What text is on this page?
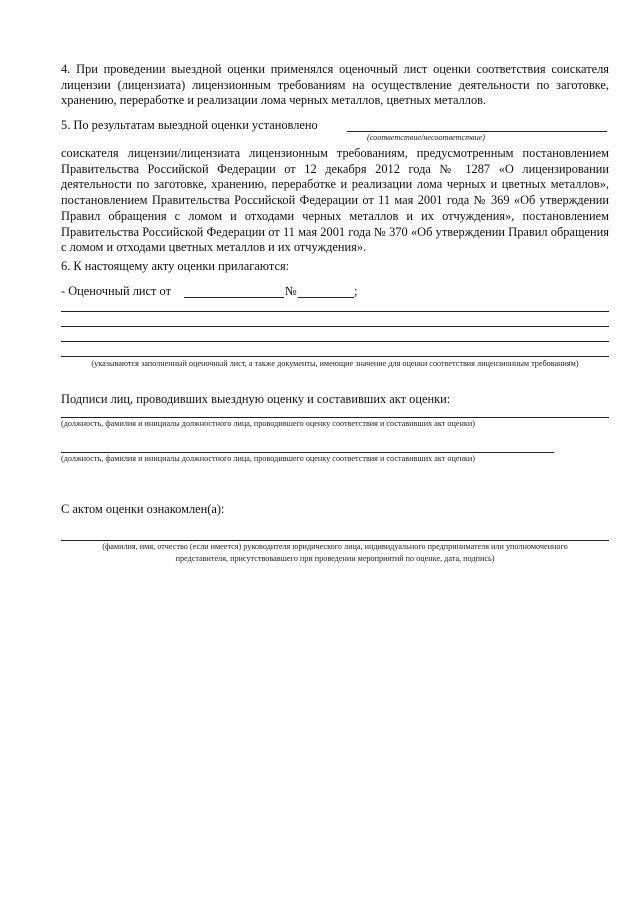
4. При проведении выездной оценки применялся оценочный лист оценки соответствия соискателя лицензии (лицензиата) лицензионным требованиям на осуществление деятельности по заготовке, хранению, переработке и реализации лома черных металлов, цветных металлов.

5. По результатам выездной оценки установлено
(соответствие/несоответствие)

соискателя лицензии/лицензиата лицензионным требованиям, предусмотренным постановлением Правительства Российской Федерации от 12 декабря 2012 года № 1287 «О лицензировании деятельности по заготовке, хранению, переработке и реализации лома черных и цветных металлов», постановлением Правительства Российской Федерации от 11 мая 2001 года № 369 «Об утверждении Правил обращения с ломом и отходами черных металлов и их отчуждения», постановлением Правительства Российской Федерации от 11 мая 2001 года № 370 «Об утверждении Правил обращения с ломом и отходами цветных металлов и их отчуждения».

6. К настоящему акту оценки прилагаются:
- Оценочный лист от	№	;
(указываются заполненный оценочный лист, а также документы, имеющие значение для оценки соответствия лицензионным требованиям)
Подписи лиц, проводивших выездную оценку и составивших акт оценки:
(должность, фамилия и инициалы должностного лица, проводившего оценку соответствия и составивших акт оценки)
(должность, фамилия и инициалы должностного лица, проводившего оценку соответствия и составивших акт оценки)
С актом оценки ознакомлен(а):
(фамилия, имя, отчество (если имеется) руководителя юридического лица, индивидуального предпринимателя или уполномоченного представителя, присутствовавшего при проведении мероприятий по оценке, дата, подпись)
